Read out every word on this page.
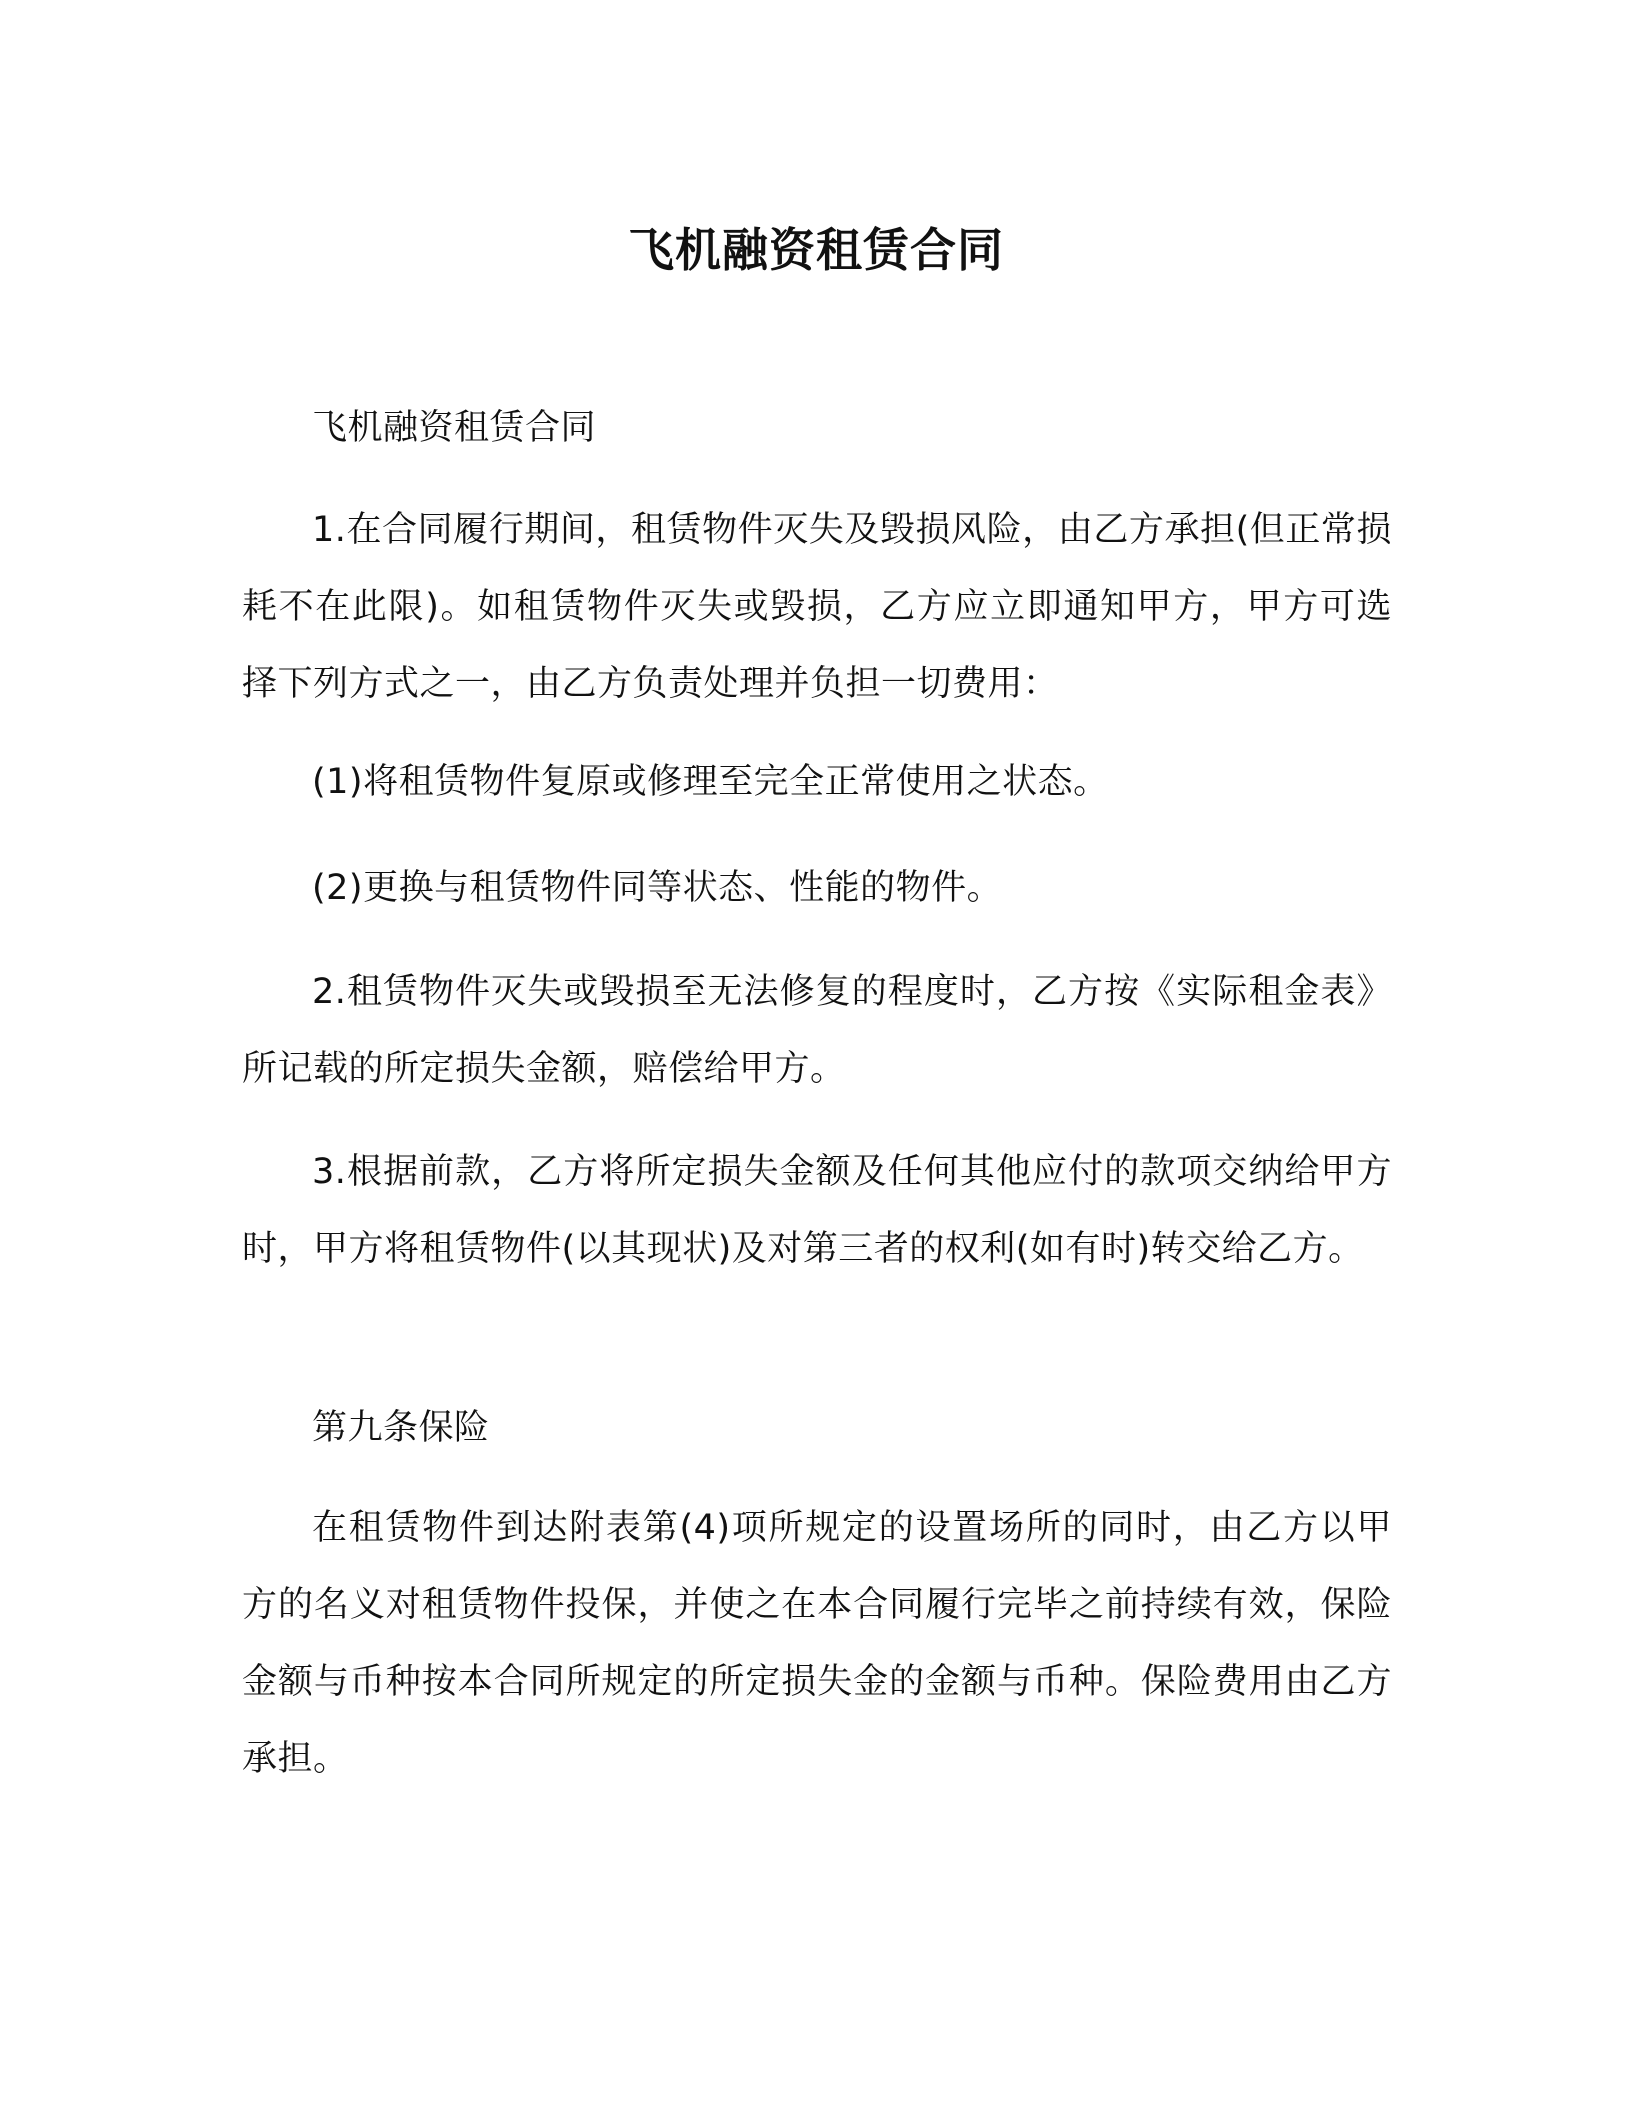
飞机融资租赁合同

飞机融资租赁合同

1.在合同履行期间，租赁物件灭失及毁损风险，由乙方承担(但正常损耗不在此限)。如租赁物件灭失或毁损，乙方应立即通知甲方，甲方可选择下列方式之一，由乙方负责处理并负担一切费用：

(1)将租赁物件复原或修理至完全正常使用之状态。

(2)更换与租赁物件同等状态、性能的物件。

2.租赁物件灭失或毁损至无法修复的程度时，乙方按《实际租金表》所记载的所定损失金额，赔偿给甲方。

3.根据前款，乙方将所定损失金额及任何其他应付的款项交纳给甲方时，甲方将租赁物件(以其现状)及对第三者的权利(如有时)转交给乙方。

第九条保险

在租赁物件到达附表第(4)项所规定的设置场所的同时，由乙方以甲方的名义对租赁物件投保，并使之在本合同履行完毕之前持续有效，保险金额与币种按本合同所规定的所定损失金的金额与币种。保险费用由乙方承担。
